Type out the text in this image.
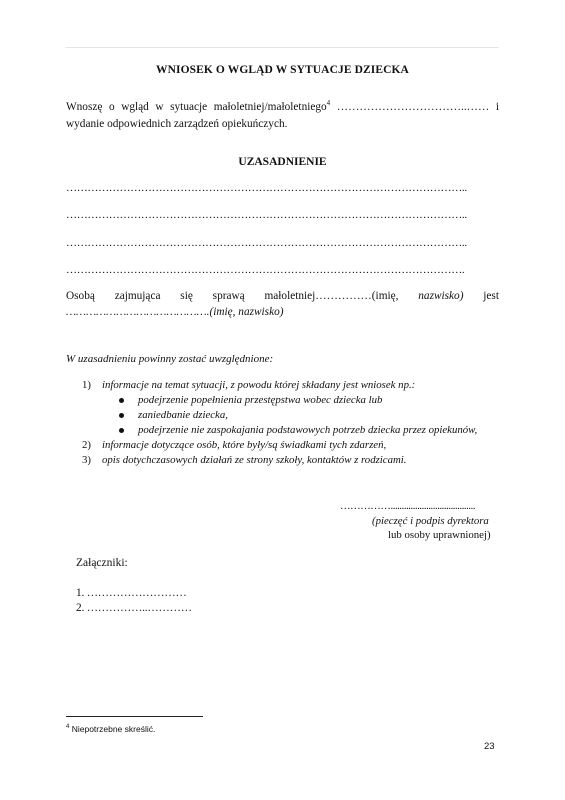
WNIOSEK O WGLĄD W SYTUACJE DZIECKA
Wnoszę o wgląd w sytuacje małoletniej/małoletniego$^4$ ……………………………..…… i
wydanie odpowiednich zarządzeń opiekuńczych.
UZASADNIENIE
…………………………………………………………………………………………………..
…………………………………………………………………………………………………..
…………………………………………………………………………………………………..
………………………………………………………………………………………………….
Osobą zajmująca się sprawą małoletniej……………(imię, nazwisko) jest
…………………………………….(imię, nazwisko)
W uzasadnieniu powinny zostać uwzględnione:
1) informacje na temat sytuacji, z powodu której składany jest wniosek np.:
podejrzenie popełnienia przestępstwa wobec dziecka lub
zaniedbanie dziecka,
podejrzenie nie zaspokajania podstawowych potrzeb dziecka przez opiekunów,
2) informacje dotyczące osób, które były/są świadkami tych zdarzeń,
3) opis dotychczasowych działań ze strony szkoły, kontaktów z rodzicami.
……………......................................
(pieczęć i podpis dyrektora
lub osoby uprawnionej)
Załączniki:
1. ………………………
2. ……………..…………
$^4$ Niepotrzebne skreślić.
23
